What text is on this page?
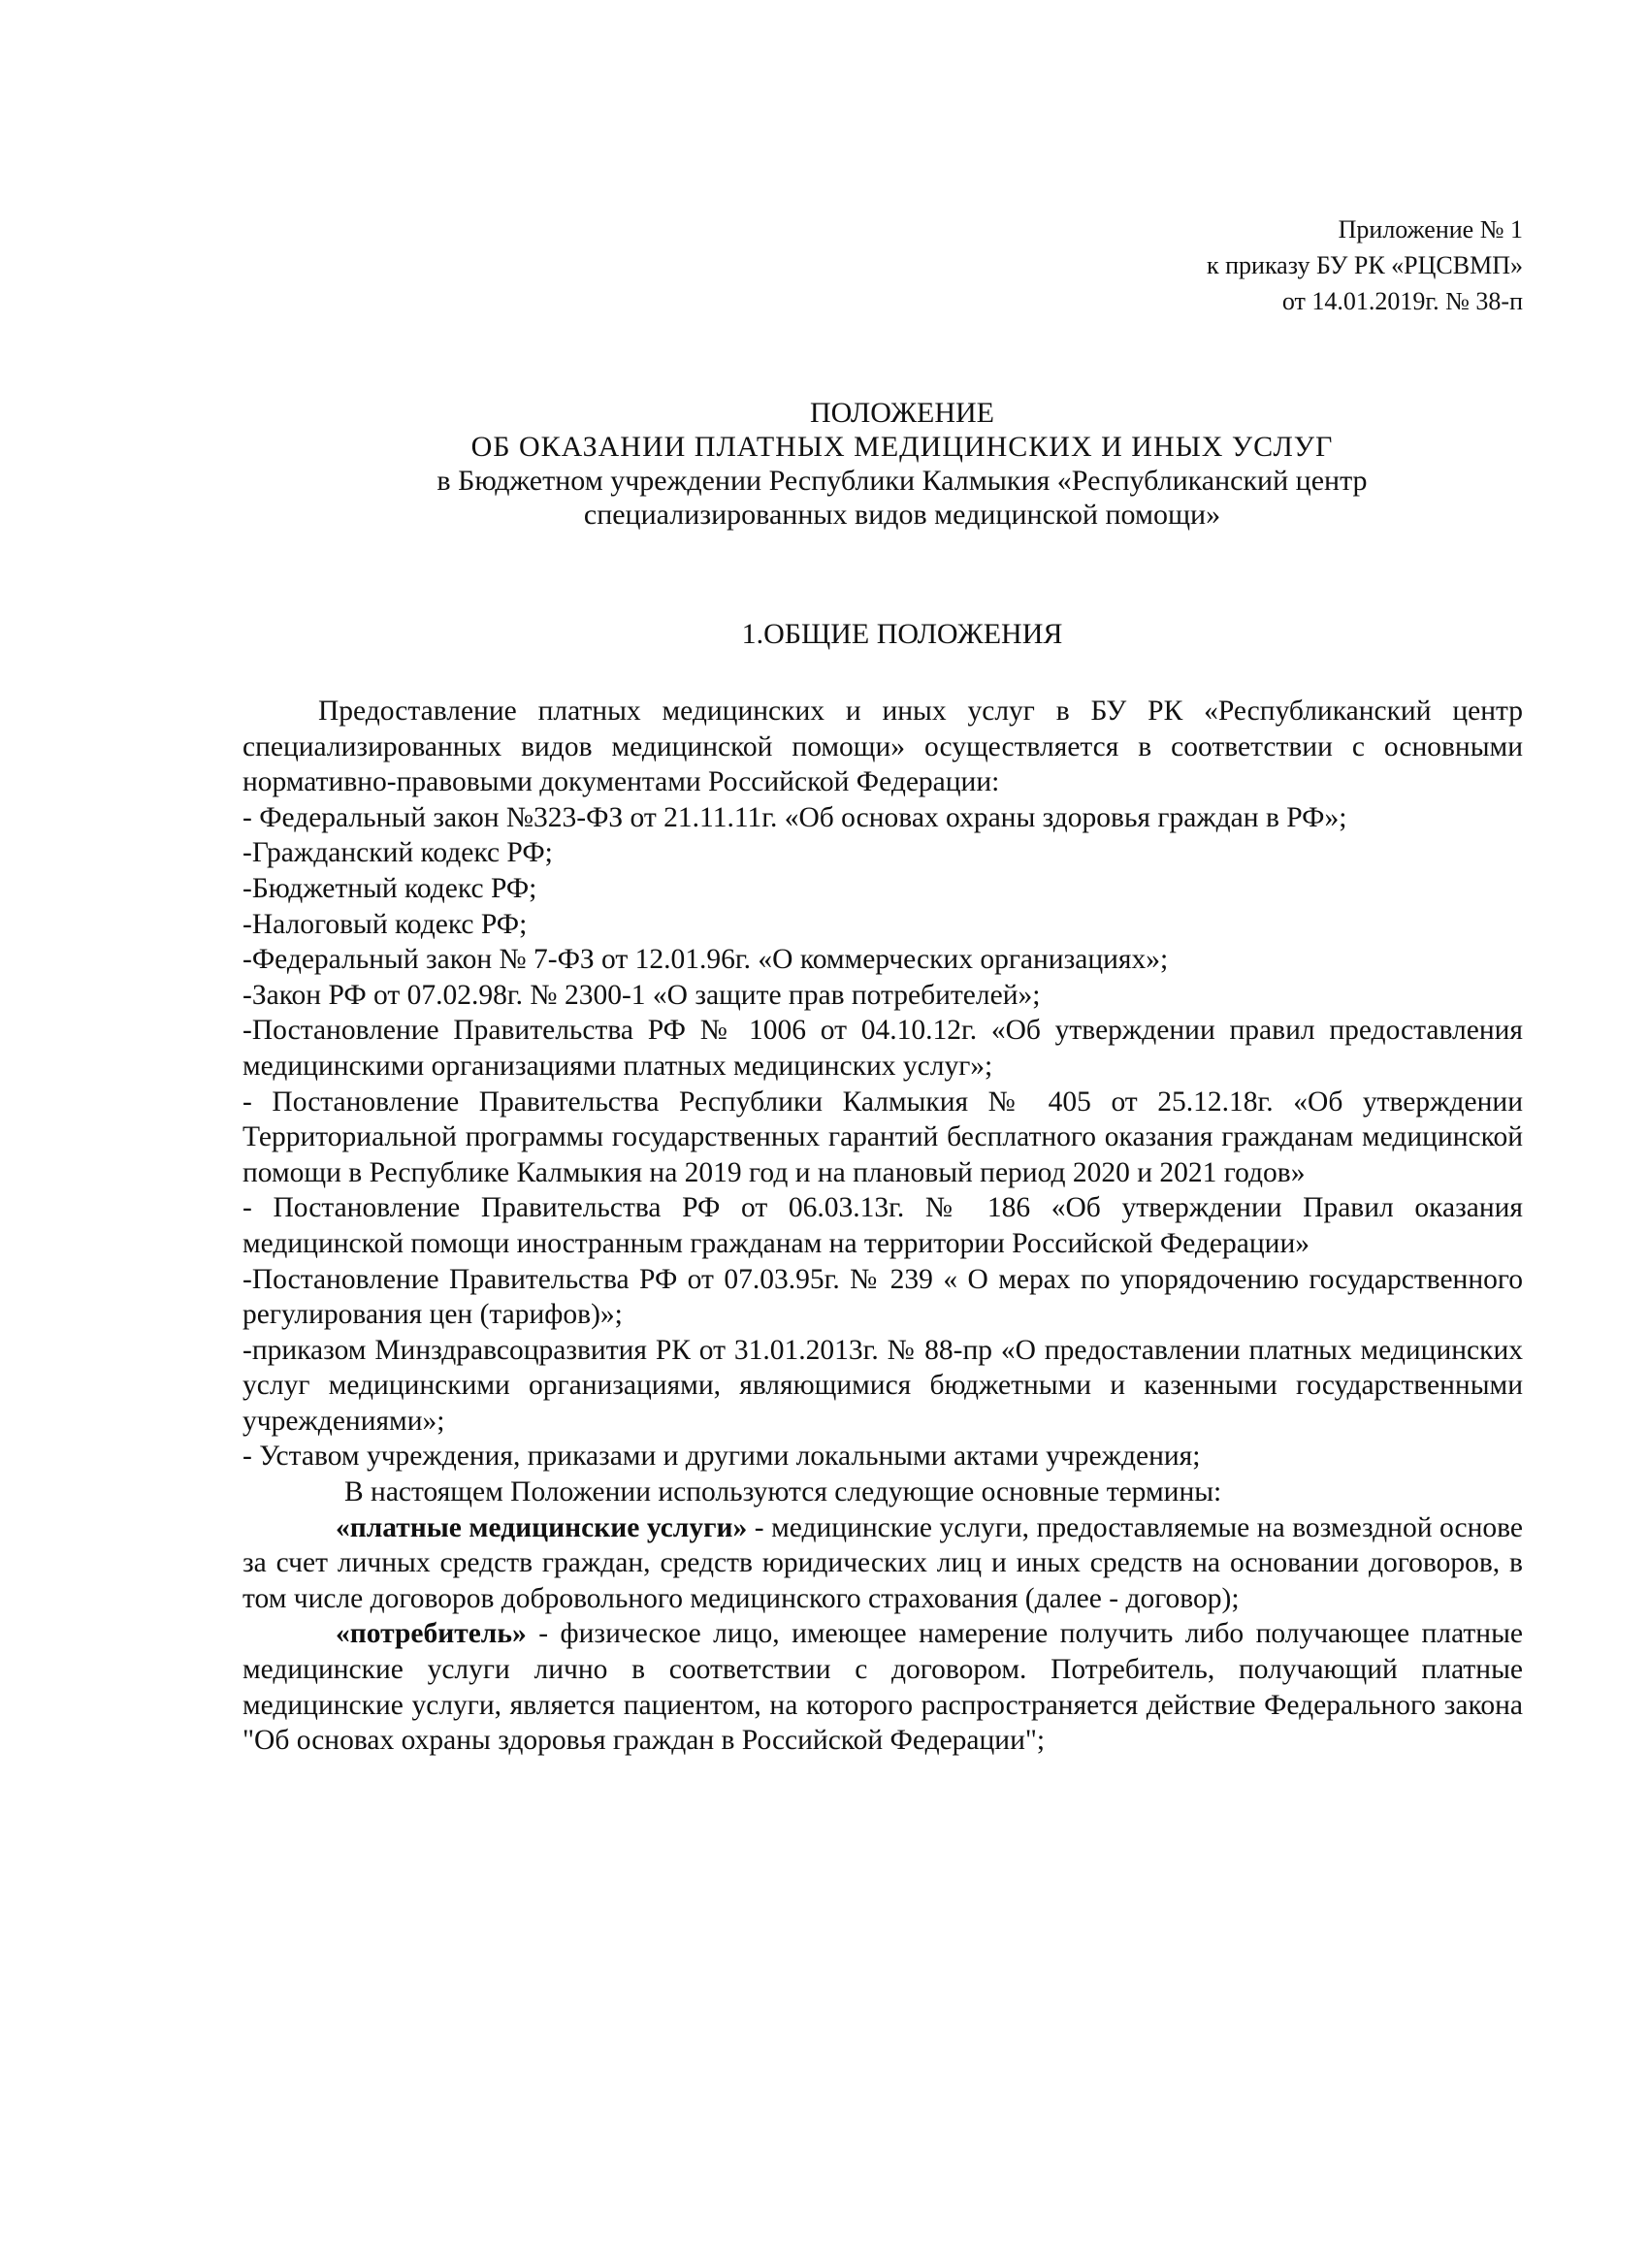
Приложение № 1
к приказу БУ РК «РЦСВМП»
от 14.01.2019г. № 38-п
ПОЛОЖЕНИЕ
ОБ ОКАЗАНИИ ПЛАТНЫХ МЕДИЦИНСКИХ И ИНЫХ УСЛУГ
в Бюджетном учреждении Республики Калмыкия «Республиканский центр
специализированных видов медицинской помощи»
1.ОБЩИЕ ПОЛОЖЕНИЯ

Предоставление платных медицинских и иных услуг в БУ РК «Республиканский центр специализированных видов медицинской помощи» осуществляется в соответствии с основными нормативно-правовыми документами Российской Федерации:

- Федеральный закон №323-ФЗ от 21.11.11г. «Об основах охраны здоровья граждан в РФ»;

-Гражданский кодекс РФ;

-Бюджетный кодекс РФ;

-Налоговый кодекс РФ;

-Федеральный закон № 7-ФЗ от 12.01.96г. «О коммерческих организациях»;

-Закон РФ от 07.02.98г. № 2300-1 «О защите прав потребителей»;

-Постановление Правительства РФ № 1006 от 04.10.12г. «Об утверждении правил предоставления медицинскими организациями платных медицинских услуг»;

- Постановление Правительства Республики Калмыкия № 405 от 25.12.18г. «Об утверждении Территориальной программы государственных гарантий бесплатного оказания гражданам медицинской помощи в Республике Калмыкия на 2019 год и на плановый период 2020 и 2021 годов»

- Постановление Правительства РФ от 06.03.13г. № 186 «Об утверждении Правил оказания медицинской помощи иностранным гражданам на территории Российской Федерации»

-Постановление Правительства РФ от 07.03.95г. № 239 « О мерах по упорядочению государственного регулирования цен (тарифов)»;

-приказом Минздравсоцразвития РК от 31.01.2013г. № 88-пр «О предоставлении платных медицинских услуг медицинскими организациями, являющимися бюджетными и казенными государственными учреждениями»;

- Уставом учреждения, приказами и другими локальными актами учреждения;

В настоящем Положении используются следующие основные термины:

«платные медицинские услуги» - медицинские услуги, предоставляемые на возмездной основе за счет личных средств граждан, средств юридических лиц и иных средств на основании договоров, в том числе договоров добровольного медицинского страхования (далее - договор);

«потребитель» - физическое лицо, имеющее намерение получить либо получающее платные медицинские услуги лично в соответствии с договором. Потребитель, получающий платные медицинские услуги, является пациентом, на которого распространяется действие Федерального закона "Об основах охраны здоровья граждан в Российской Федерации";
